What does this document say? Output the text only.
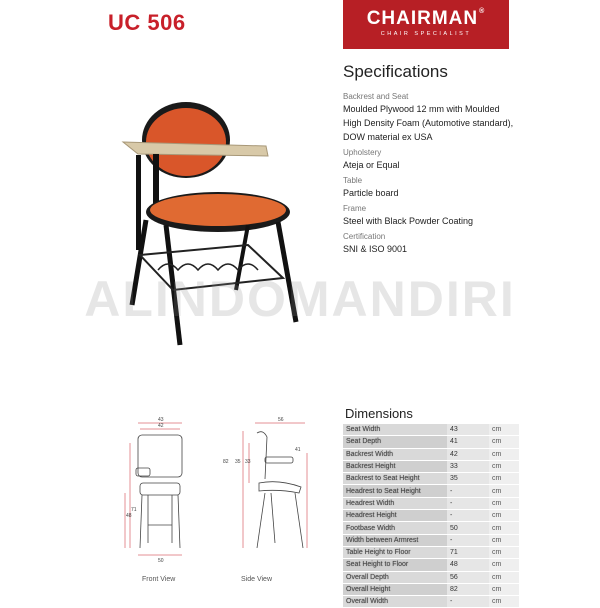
UC 506	CHAIRMAN®
CHAIR SPECIALIST
Specifications
Backrest and Seat
Moulded Plywood 12 mm with Moulded
High Density Foam (Automotive standard),
DOW material ex USA
Upholstery
Ateja or Equal
Table
Particle board
Frame
Steel with Black Powder Coating
Certification
SNI & ISO 9001
ALINDOMANDIRI
43
42
50
71
48
Front View
56
41
82 35 33
Side View
Dimensions
Seat Width	43	cm
Seat Depth	41	cm
Backrest Width	42	cm
Backrest Height	33	cm
Backrest to Seat Height	35	cm
Headrest to Seat Height	-	cm
Headrest Width	-	cm
Headrest Height	-	cm
Footbase Width	50	cm
Width between Armrest	-	cm
Table Height to Floor	71	cm
Seat Height to Floor	48	cm
Overall Depth	56	cm
Overall Height	82	cm
Overall Width	-	cm
